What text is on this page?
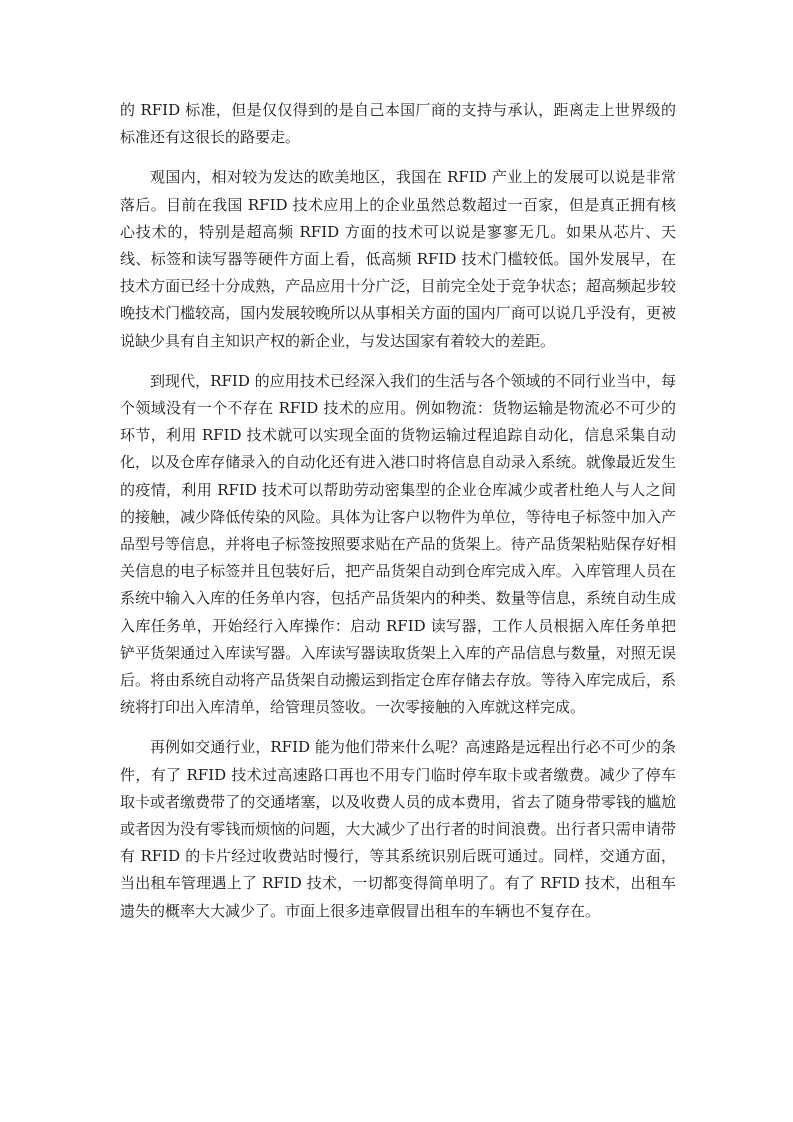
的 RFID 标准，但是仅仅得到的是自己本国厂商的支持与承认，距离走上世界级的标准还有这很长的路要走。

观国内，相对较为发达的欧美地区，我国在 RFID 产业上的发展可以说是非常落后。目前在我国 RFID 技术应用上的企业虽然总数超过一百家，但是真正拥有核心技术的，特别是超高频 RFID 方面的技术可以说是寥寥无几。如果从芯片、天线、标签和读写器等硬件方面上看，低高频 RFID 技术门槛较低。国外发展早，在技术方面已经十分成熟，产品应用十分广泛，目前完全处于竞争状态；超高频起步较晚技术门槛较高，国内发展较晚所以从事相关方面的国内厂商可以说几乎没有，更被说缺少具有自主知识产权的新企业，与发达国家有着较大的差距。

到现代，RFID 的应用技术已经深入我们的生活与各个领域的不同行业当中，每个领域没有一个不存在 RFID 技术的应用。例如物流：货物运输是物流必不可少的环节，利用 RFID 技术就可以实现全面的货物运输过程追踪自动化，信息采集自动化，以及仓库存储录入的自动化还有进入港口时将信息自动录入系统。就像最近发生的疫情，利用 RFID 技术可以帮助劳动密集型的企业仓库减少或者杜绝人与人之间的接触，减少降低传染的风险。具体为让客户以物件为单位，等待电子标签中加入产品型号等信息，并将电子标签按照要求贴在产品的货架上。待产品货架粘贴保存好相关信息的电子标签并且包装好后，把产品货架自动到仓库完成入库。入库管理人员在系统中输入入库的任务单内容，包括产品货架内的种类、数量等信息，系统自动生成入库任务单，开始经行入库操作：启动 RFID 读写器，工作人员根据入库任务单把铲平货架通过入库读写器。入库读写器读取货架上入库的产品信息与数量，对照无误后。将由系统自动将产品货架自动搬运到指定仓库存储去存放。等待入库完成后，系统将打印出入库清单，给管理员签收。一次零接触的入库就这样完成。

再例如交通行业，RFID 能为他们带来什么呢？高速路是远程出行必不可少的条件，有了 RFID 技术过高速路口再也不用专门临时停车取卡或者缴费。减少了停车取卡或者缴费带了的交通堵塞，以及收费人员的成本费用，省去了随身带零钱的尴尬或者因为没有零钱而烦恼的问题，大大减少了出行者的时间浪费。出行者只需申请带有 RFID 的卡片经过收费站时慢行，等其系统识别后既可通过。同样，交通方面，当出租车管理遇上了 RFID 技术，一切都变得简单明了。有了 RFID 技术，出租车遗失的概率大大减少了。市面上很多违章假冒出租车的车辆也不复存在。
